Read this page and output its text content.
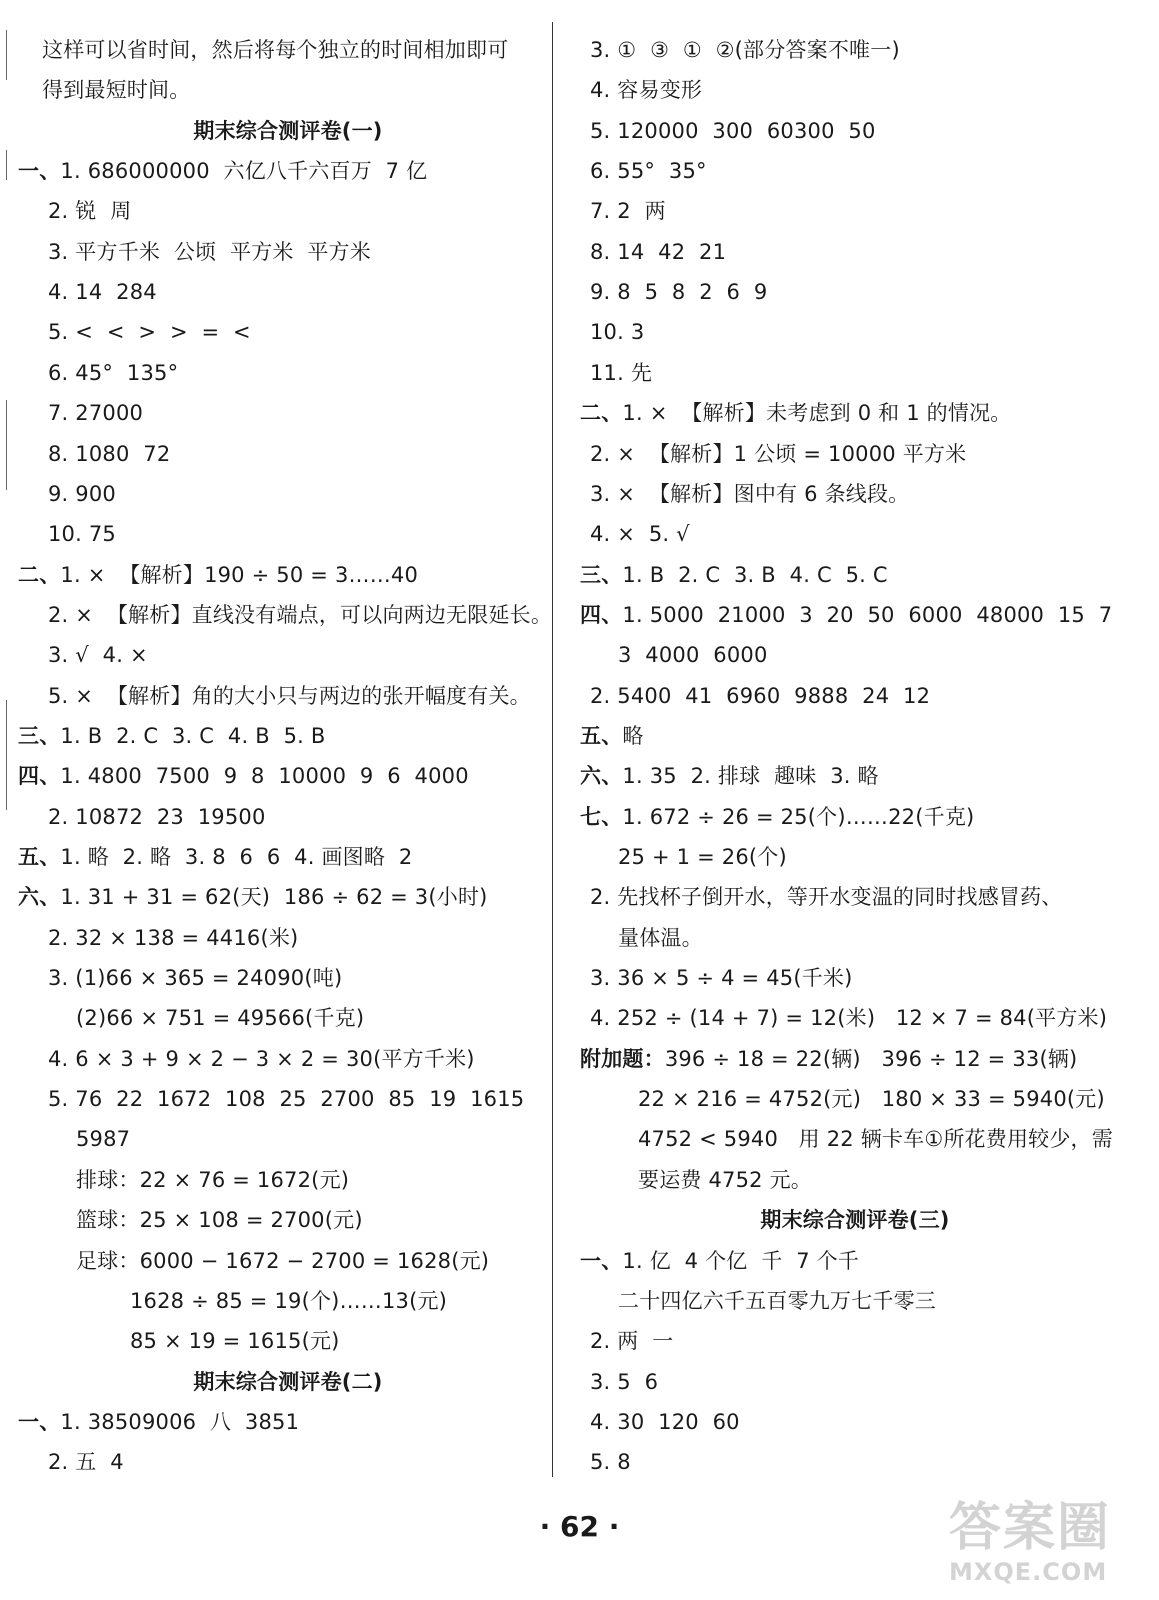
这样可以省时间，然后将每个独立的时间相加即可
得到最短时间。
期末综合测评卷(一)
一、1. 686000000  六亿八千六百万  7 亿
2. 锐  周
3. 平方千米  公顷  平方米  平方米
4. 14  284
5. <  <  >  >  =  <
6. 45°  135°
7. 27000
8. 1080  72
9. 900
10. 75
二、1. ×  【解析】190 ÷ 50 = 3……40
2. ×  【解析】直线没有端点，可以向两边无限延长。
3. √  4. ×
5. ×  【解析】角的大小只与两边的张开幅度有关。
三、1. B  2. C  3. C  4. B  5. B
四、1. 4800  7500  9  8  10000  9  6  4000
2. 10872  23  19500
五、1. 略  2. 略  3. 8  6  6  4. 画图略  2
六、1. 31 + 31 = 62(天)  186 ÷ 62 = 3(小时)
2. 32 × 138 = 4416(米)
3. (1)66 × 365 = 24090(吨)
(2)66 × 751 = 49566(千克)
4. 6 × 3 + 9 × 2 − 3 × 2 = 30(平方千米)
5. 76  22  1672  108  25  2700  85  19  1615
5987
排球：22 × 76 = 1672(元)
篮球：25 × 108 = 2700(元)
足球：6000 − 1672 − 2700 = 1628(元)
1628 ÷ 85 = 19(个)……13(元)
85 × 19 = 1615(元)
期末综合测评卷(二)
一、1. 38509006  八  3851
2. 五  4
3. ①  ③  ①  ②(部分答案不唯一)
4. 容易变形
5. 120000  300  60300  50
6. 55°  35°
7. 2  两
8. 14  42  21
9. 8  5  8  2  6  9
10. 3
11. 先
二、1. ×  【解析】未考虑到 0 和 1 的情况。
2. ×  【解析】1 公顷 = 10000 平方米
3. ×  【解析】图中有 6 条线段。
4. ×  5. √
三、1. B  2. C  3. B  4. C  5. C
四、1. 5000  21000  3  20  50  6000  48000  15  7
3  4000  6000
2. 5400  41  6960  9888  24  12
五、略
六、1. 35  2. 排球  趣味  3. 略
七、1. 672 ÷ 26 = 25(个)……22(千克)
25 + 1 = 26(个)
2. 先找杯子倒开水，等开水变温的同时找感冒药、
量体温。
3. 36 × 5 ÷ 4 = 45(千米)
4. 252 ÷ (14 + 7) = 12(米)   12 × 7 = 84(平方米)
附加题：396 ÷ 18 = 22(辆)   396 ÷ 12 = 33(辆)
22 × 216 = 4752(元)   180 × 33 = 5940(元)
4752 < 5940   用 22 辆卡车①所花费用较少，需
要运费 4752 元。
期末综合测评卷(三)
一、1. 亿  4 个亿  千  7 个千
二十四亿六千五百零九万七千零三
2. 两  一
3. 5  6
4. 30  120  60
5. 8
· 62 ·	答案圈
MXQE.COM
